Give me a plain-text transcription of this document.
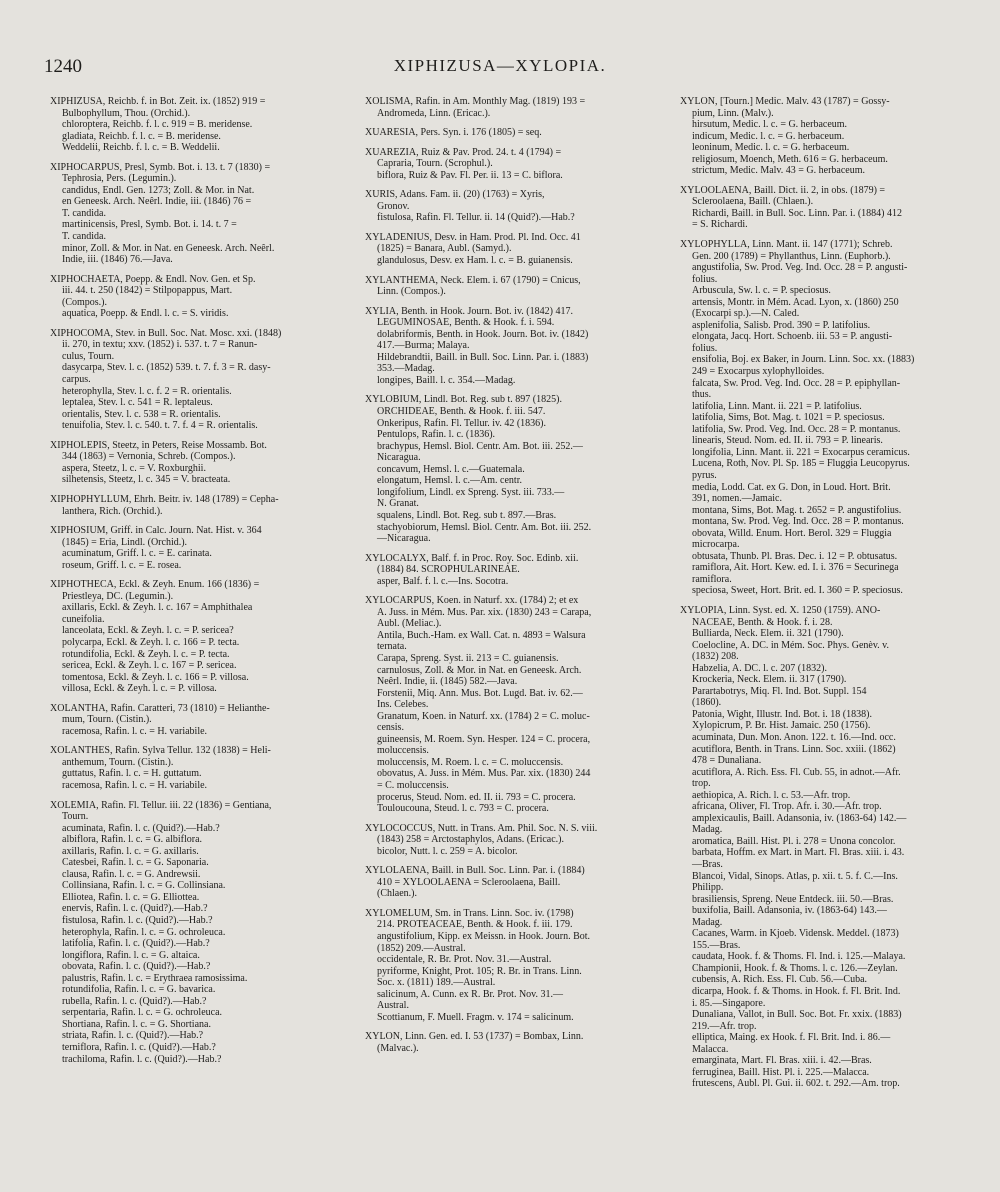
1240	XIPHIZUSA—XYLOPIA.
XIPHIZUSA, Reichb. f. in Bot. Zeit. ix. (1852) 919 =
Bulbophyllum, Thou. (Orchid.).
chloroptera, Reichb. f. l. c. 919 = B. meridense.
gladiata, Reichb. f. l. c. = B. meridense.
Weddelii, Reichb. f. l. c. = B. Weddelii.
XIPHOCARPUS, Presl, Symb. Bot. i. 13. t. 7 (1830) =
Tephrosia, Pers. (Legumin.).
candidus, Endl. Gen. 1273; Zoll. & Mor. in Nat.
en Geneesk. Arch. Neêrl. Indie, iii. (1846) 76 =
T. candida.
martinicensis, Presl, Symb. Bot. i. 14. t. 7 =
T. candida.
minor, Zoll. & Mor. in Nat. en Geneesk. Arch. Neêrl.
Indie, iii. (1846) 76.—Java.
XIPHOCHAETA, Poepp. & Endl. Nov. Gen. et Sp.
iii. 44. t. 250 (1842) = Stilpopappus, Mart.
(Compos.).
aquatica, Poepp. & Endl. l. c. = S. viridis.
XIPHOCOMA, Stev. in Bull. Soc. Nat. Mosc. xxi. (1848)
ii. 270, in textu; xxv. (1852) i. 537. t. 7 = Ranun-
culus, Tourn.
dasycarpa, Stev. l. c. (1852) 539. t. 7. f. 3 = R. dasy-
carpus.
heterophylla, Stev. l. c. f. 2 = R. orientalis.
leptalea, Stev. l. c. 541 = R. leptaleus.
orientalis, Stev. l. c. 538 = R. orientalis.
tenuifolia, Stev. l. c. 540. t. 7. f. 4 = R. orientalis.
XIPHOLEPIS, Steetz, in Peters, Reise Mossamb. Bot.
344 (1863) = Vernonia, Schreb. (Compos.).
aspera, Steetz, l. c. = V. Roxburghii.
silhetensis, Steetz, l. c. 345 = V. bracteata.
XIPHOPHYLLUM, Ehrh. Beitr. iv. 148 (1789) = Cepha-
lanthera, Rich. (Orchid.).
XIPHOSIUM, Griff. in Calc. Journ. Nat. Hist. v. 364
(1845) = Eria, Lindl. (Orchid.).
acuminatum, Griff. l. c. = E. carinata.
roseum, Griff. l. c. = E. rosea.
XIPHOTHECA, Eckl. & Zeyh. Enum. 166 (1836) =
Priestleya, DC. (Legumin.).
axillaris, Eckl. & Zeyh. l. c. 167 = Amphithalea
cuneifolia.
lanceolata, Eckl. & Zeyh. l. c. = P. sericea?
polycarpa, Eckl. & Zeyh. l. c. 166 = P. tecta.
rotundifolia, Eckl. & Zeyh. l. c. = P. tecta.
sericea, Eckl. & Zeyh. l. c. 167 = P. sericea.
tomentosa, Eckl. & Zeyh. l. c. 166 = P. villosa.
villosa, Eckl. & Zeyh. l. c. = P. villosa.
XOLANTHA, Rafin. Caratteri, 73 (1810) = Helianthe-
mum, Tourn. (Cistin.).
racemosa, Rafin. l. c. = H. variabile.
XOLANTHES, Rafin. Sylva Tellur. 132 (1838) = Heli-
anthemum, Tourn. (Cistin.).
guttatus, Rafin. l. c. = H. guttatum.
racemosa, Rafin. l. c. = H. variabile.
XOLEMIA, Rafin. Fl. Tellur. iii. 22 (1836) = Gentiana,
Tourn.
acuminata, Rafin. l. c. (Quid?).—Hab.?
albiflora, Rafin. l. c. = G. albiflora.
axillaris, Rafin. l. c. = G. axillaris.
Catesbei, Rafin. l. c. = G. Saponaria.
clausa, Rafin. l. c. = G. Andrewsii.
Collinsiana, Rafin. l. c. = G. Collinsiana.
Elliotea, Rafin. l. c. = G. Elliottea.
enervis, Rafin. l. c. (Quid?).—Hab.?
fistulosa, Rafin. l. c. (Quid?).—Hab.?
heterophyla, Rafin. l. c. = G. ochroleuca.
latifolia, Rafin. l. c. (Quid?).—Hab.?
longiflora, Rafin. l. c. = G. altaica.
obovata, Rafin. l. c. (Quid?).—Hab.?
palustris, Rafin. l. c. = Erythraea ramosissima.
rotundifolia, Rafin. l. c. = G. bavarica.
rubella, Rafin. l. c. (Quid?).—Hab.?
serpentaria, Rafin. l. c. = G. ochroleuca.
Shortiana, Rafin. l. c. = G. Shortiana.
striata, Rafin. l. c. (Quid?).—Hab.?
terniflora, Rafin. l. c. (Quid?).—Hab.?
trachiloma, Rafin. l. c. (Quid?).—Hab.?
XOLISMA, Rafin. in Am. Monthly Mag. (1819) 193 =
Andromeda, Linn. (Ericac.).
XUARESIA, Pers. Syn. i. 176 (1805) = seq.
XUAREZIA, Ruiz & Pav. Prod. 24. t. 4 (1794) =
Capraria, Tourn. (Scrophul.).
biflora, Ruiz & Pav. Fl. Per. ii. 13 = C. biflora.
XURIS, Adans. Fam. ii. (20) (1763) = Xyris,
Gronov.
fistulosa, Rafin. Fl. Tellur. ii. 14 (Quid?).—Hab.?
XYLADENIUS, Desv. in Ham. Prod. Pl. Ind. Occ. 41
(1825) = Banara, Aubl. (Samyd.).
glandulosus, Desv. ex Ham. l. c. = B. guianensis.
XYLANTHEMA, Neck. Elem. i. 67 (1790) = Cnicus,
Linn. (Compos.).
XYLIA, Benth. in Hook. Journ. Bot. iv. (1842) 417.
LEGUMINOSAE, Benth. & Hook. f. i. 594.
dolabriformis, Benth. in Hook. Journ. Bot. iv. (1842)
417.—Burma; Malaya.
Hildebrandtii, Baill. in Bull. Soc. Linn. Par. i. (1883)
353.—Madag.
longipes, Baill. l. c. 354.—Madag.
XYLOBIUM, Lindl. Bot. Reg. sub t. 897 (1825).
ORCHIDEAE, Benth. & Hook. f. iii. 547.
Onkeripus, Rafin. Fl. Tellur. iv. 42 (1836).
Pentulops, Rafin. l. c. (1836).
brachypus, Hemsl. Biol. Centr. Am. Bot. iii. 252.—
Nicaragua.
concavum, Hemsl. l. c.—Guatemala.
elongatum, Hemsl. l. c.—Am. centr.
longifolium, Lindl. ex Spreng. Syst. iii. 733.—
N. Granat.
squalens, Lindl. Bot. Reg. sub t. 897.—Bras.
stachyobiorum, Hemsl. Biol. Centr. Am. Bot. iii. 252.
—Nicaragua.
XYLOCALYX, Balf. f. in Proc. Roy. Soc. Edinb. xii.
(1884) 84. SCROPHULARINEAE.
asper, Balf. f. l. c.—Ins. Socotra.
XYLOCARPUS, Koen. in Naturf. xx. (1784) 2; et ex
A. Juss. in Mém. Mus. Par. xix. (1830) 243 = Carapa,
Aubl. (Meliac.).
Antila, Buch.-Ham. ex Wall. Cat. n. 4893 = Walsura
ternata.
Carapa, Spreng. Syst. ii. 213 = C. guianensis.
carnulosus, Zoll. & Mor. in Nat. en Geneesk. Arch.
Neêrl. Indie, ii. (1845) 582.—Java.
Forstenii, Miq. Ann. Mus. Bot. Lugd. Bat. iv. 62.—
Ins. Celebes.
Granatum, Koen. in Naturf. xx. (1784) 2 = C. moluc-
censis.
guineensis, M. Roem. Syn. Hesper. 124 = C. procera,
moluccensis.
moluccensis, M. Roem. l. c. = C. moluccensis.
obovatus, A. Juss. in Mém. Mus. Par. xix. (1830) 244
= C. moluccensis.
procerus, Steud. Nom. ed. II. ii. 793 = C. procera.
Touloucouna, Steud. l. c. 793 = C. procera.
XYLOCOCCUS, Nutt. in Trans. Am. Phil. Soc. N. S. viii.
(1843) 258 = Arctostaphylos, Adans. (Ericac.).
bicolor, Nutt. l. c. 259 = A. bicolor.
XYLOLAENA, Baill. in Bull. Soc. Linn. Par. i. (1884)
410 = XYLOOLAENA = Scleroolaena, Baill.
(Chlaen.).
XYLOMELUM, Sm. in Trans. Linn. Soc. iv. (1798)
214. PROTEACEAE, Benth. & Hook. f. iii. 179.
angustifolium, Kipp. ex Meissn. in Hook. Journ. Bot.
(1852) 209.—Austral.
occidentale, R. Br. Prot. Nov. 31.—Austral.
pyriforme, Knight, Prot. 105; R. Br. in Trans. Linn.
Soc. x. (1811) 189.—Austral.
salicinum, A. Cunn. ex R. Br. Prot. Nov. 31.—
Austral.
Scottianum, F. Muell. Fragm. v. 174 = salicinum.
XYLON, Linn. Gen. ed. I. 53 (1737) = Bombax, Linn.
(Malvac.).
XYLON, [Tourn.] Medic. Malv. 43 (1787) = Gossy-
pium, Linn. (Malv.).
hirsutum, Medic. l. c. = G. herbaceum.
indicum, Medic. l. c. = G. herbaceum.
leoninum, Medic. l. c. = G. herbaceum.
religiosum, Moench, Meth. 616 = G. herbaceum.
strictum, Medic. Malv. 43 = G. herbaceum.
XYLOOLAENA, Baill. Dict. ii. 2, in obs. (1879) =
Scleroolaena, Baill. (Chlaen.).
Richardi, Baill. in Bull. Soc. Linn. Par. i. (1884) 412
= S. Richardi.
XYLOPHYLLA, Linn. Mant. ii. 147 (1771); Schreb.
Gen. 200 (1789) = Phyllanthus, Linn. (Euphorb.).
angustifolia, Sw. Prod. Veg. Ind. Occ. 28 = P. angusti-
folius.
Arbuscula, Sw. l. c. = P. speciosus.
artensis, Montr. in Mém. Acad. Lyon, x. (1860) 250
(Exocarpi sp.).—N. Caled.
asplenifolia, Salisb. Prod. 390 = P. latifolius.
elongata, Jacq. Hort. Schoenb. iii. 53 = P. angusti-
folius.
ensifolia, Boj. ex Baker, in Journ. Linn. Soc. xx. (1883)
249 = Exocarpus xylophylloides.
falcata, Sw. Prod. Veg. Ind. Occ. 28 = P. epiphyllan-
thus.
latifolia, Linn. Mant. ii. 221 = P. latifolius.
latifolia, Sims, Bot. Mag. t. 1021 = P. speciosus.
latifolia, Sw. Prod. Veg. Ind. Occ. 28 = P. montanus.
linearis, Steud. Nom. ed. II. ii. 793 = P. linearis.
longifolia, Linn. Mant. ii. 221 = Exocarpus ceramicus.
Lucena, Roth, Nov. Pl. Sp. 185 = Fluggia Leucopyrus.
pyrus.
media, Lodd. Cat. ex G. Don, in Loud. Hort. Brit.
391, nomen.—Jamaic.
montana, Sims, Bot. Mag. t. 2652 = P. angustifolius.
montana, Sw. Prod. Veg. Ind. Occ. 28 = P. montanus.
obovata, Willd. Enum. Hort. Berol. 329 = Fluggia
microcarpa.
obtusata, Thunb. Pl. Bras. Dec. i. 12 = P. obtusatus.
ramiflora, Ait. Hort. Kew. ed. I. i. 376 = Securinega
ramiflora.
speciosa, Sweet, Hort. Brit. ed. I. 360 = P. speciosus.
XYLOPIA, Linn. Syst. ed. X. 1250 (1759). ANO-
NACEAE, Benth. & Hook. f. i. 28.
Bulliarda, Neck. Elem. ii. 321 (1790).
Coelocline, A. DC. in Mém. Soc. Phys. Genèv. v.
(1832) 208.
Habzelia, A. DC. l. c. 207 (1832).
Krockeria, Neck. Elem. ii. 317 (1790).
Parartabotrys, Miq. Fl. Ind. Bot. Suppl. 154
(1860).
Patonia, Wight, Illustr. Ind. Bot. i. 18 (1838).
Xylopicrum, P. Br. Hist. Jamaic. 250 (1756).
acuminata, Dun. Mon. Anon. 122. t. 16.—Ind. occ.
acutiflora, Benth. in Trans. Linn. Soc. xxiii. (1862)
478 = Dunaliana.
acutiflora, A. Rich. Ess. Fl. Cub. 55, in adnot.—Afr.
trop.
aethiopica, A. Rich. l. c. 53.—Afr. trop.
africana, Oliver, Fl. Trop. Afr. i. 30.—Afr. trop.
amplexicaulis, Baill. Adansonia, iv. (1863-64) 142.—
Madag.
aromatica, Baill. Hist. Pl. i. 278 = Unona concolor.
barbata, Hoffm. ex Mart. in Mart. Fl. Bras. xiii. i. 43.
—Bras.
Blancoi, Vidal, Sinops. Atlas, p. xii. t. 5. f. C.—Ins.
Philipp.
brasiliensis, Spreng. Neue Entdeck. iii. 50.—Bras.
buxifolia, Baill. Adansonia, iv. (1863-64) 143.—
Madag.
Cacanes, Warm. in Kjoeb. Vidensk. Meddel. (1873)
155.—Bras.
caudata, Hook. f. & Thoms. Fl. Ind. i. 125.—Malaya.
Championii, Hook. f. & Thoms. l. c. 126.—Zeylan.
cubensis, A. Rich. Ess. Fl. Cub. 56.—Cuba.
dicarpa, Hook. f. & Thoms. in Hook. f. Fl. Brit. Ind.
i. 85.—Singapore.
Dunaliana, Vallot, in Bull. Soc. Bot. Fr. xxix. (1883)
219.—Afr. trop.
elliptica, Maing. ex Hook. f. Fl. Brit. Ind. i. 86.—
Malacca.
emarginata, Mart. Fl. Bras. xiii. i. 42.—Bras.
ferruginea, Baill. Hist. Pl. i. 225.—Malacca.
frutescens, Aubl. Pl. Gui. ii. 602. t. 292.—Am. trop.
